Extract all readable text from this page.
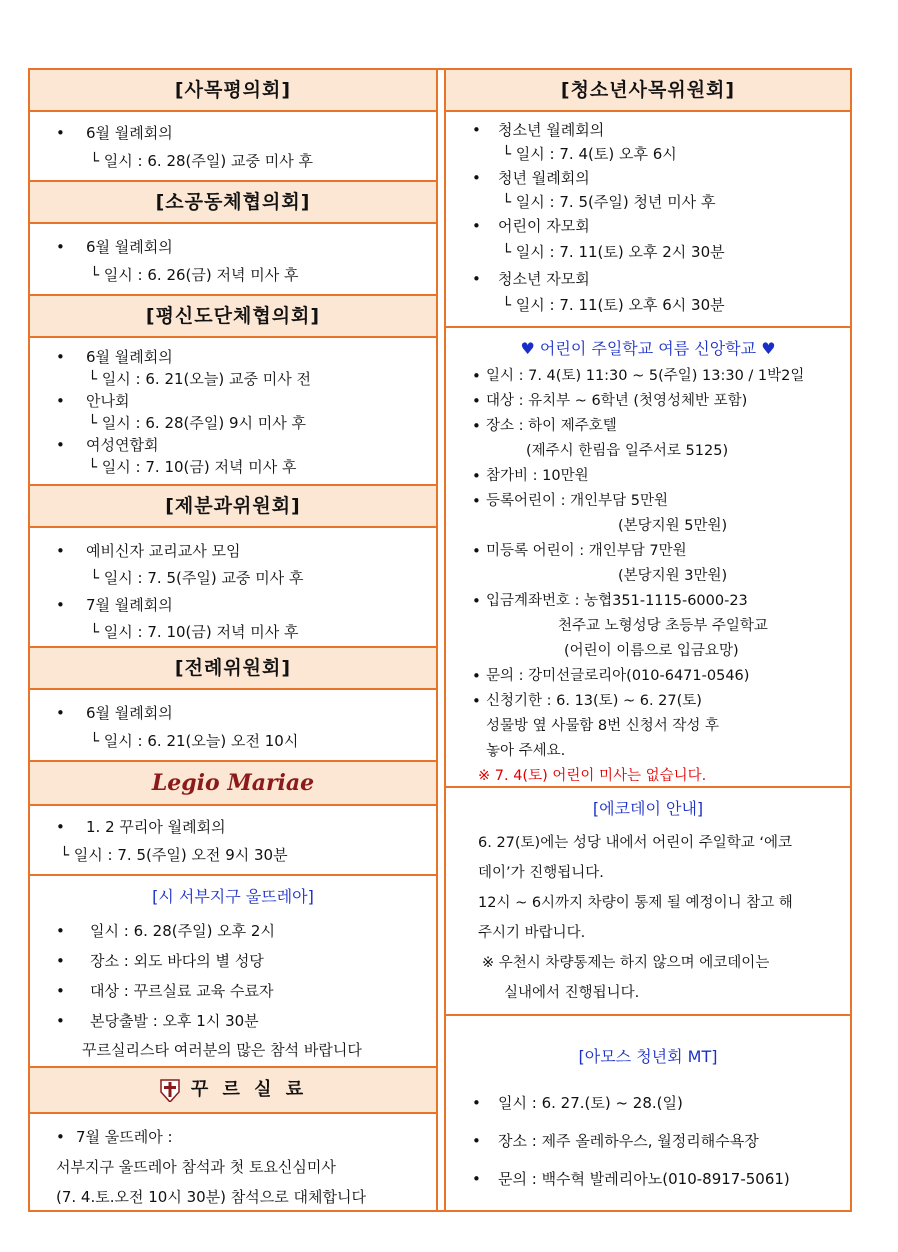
[사목평의회]
• 6월 월례회의
└ 일시 : 6. 28(주일) 교중 미사 후
[소공동체협의회]
• 6월 월례회의
└ 일시 : 6. 26(금) 저녁 미사 후
[평신도단체협의회]
• 6월 월례회의
└ 일시 : 6. 21(오늘) 교중 미사 전
• 안나회
└ 일시 : 6. 28(주일) 9시 미사 후
• 여성연합회
└ 일시 : 7. 10(금) 저녁 미사 후
[제분과위원회]
• 예비신자 교리교사 모임
└ 일시 : 7. 5(주일) 교중 미사 후
• 7월 월례회의
└ 일시 : 7. 10(금) 저녁 미사 후
[전례위원회]
• 6월 월례회의
└ 일시 : 6. 21(오늘) 오전 10시
Legio Mariae
• 1. 2 꾸리아 월례회의
└ 일시 : 7. 5(주일) 오전 9시 30분
[시 서부지구 울뜨레아]
• 일시 : 6. 28(주일) 오후 2시
• 장소 : 외도 바다의 별 성당
• 대상 : 꾸르실료 교육 수료자
• 본당출발 : 오후 1시 30분
꾸르실리스타 여러분의 많은 참석 바랍니다
꾸 르 실 료
• 7월 울뜨레아 :
서부지구 울뜨레아 참석과 첫 토요신심미사
(7. 4.토.오전 10시 30분) 참석으로 대체합니다
[청소년사목위원회]
• 청소년 월례회의
└ 일시 : 7. 4(토) 오후 6시
• 청년 월례회의
└ 일시 : 7. 5(주일) 청년 미사 후
• 어린이 자모회
└ 일시 : 7. 11(토) 오후 2시 30분
• 청소년 자모회
└ 일시 : 7. 11(토) 오후 6시 30분
♥ 어린이 주일학교 여름 신앙학교 ♥
• 일시 : 7. 4(토) 11:30 ~ 5(주일) 13:30 / 1박2일
• 대상 : 유치부 ~ 6학년 (첫영성체반 포함)
• 장소 : 하이 제주호텔
(제주시 한림읍 일주서로 5125)
• 참가비 : 10만원
• 등록어린이 : 개인부담 5만원
(본당지원 5만원)
• 미등록 어린이 : 개인부담 7만원
(본당지원 3만원)
• 입금계좌번호 : 농협351-1115-6000-23
천주교 노형성당 초등부 주일학교
(어린이 이름으로 입금요망)
• 문의 : 강미선글로리아(010-6471-0546)
• 신청기한 : 6. 13(토) ~ 6. 27(토)
성물방 옆 사물함 8번 신청서 작성 후
놓아 주세요.
※ 7. 4(토) 어린이 미사는 없습니다.
[에코데이 안내]
6. 27(토)에는 성당 내에서 어린이 주일학교 ‘에코
데이’가 진행됩니다.
12시 ~ 6시까지 차량이 통제 될 예정이니 참고 해
주시기 바랍니다.
※ 우천시 차량통제는 하지 않으며 에코데이는
실내에서 진행됩니다.
[아모스 청년회 MT]
• 일시 : 6. 27.(토) ~ 28.(일)
• 장소 : 제주 올레하우스, 월정리해수욕장
• 문의 : 백수혁 발레리아노(010-8917-5061)
